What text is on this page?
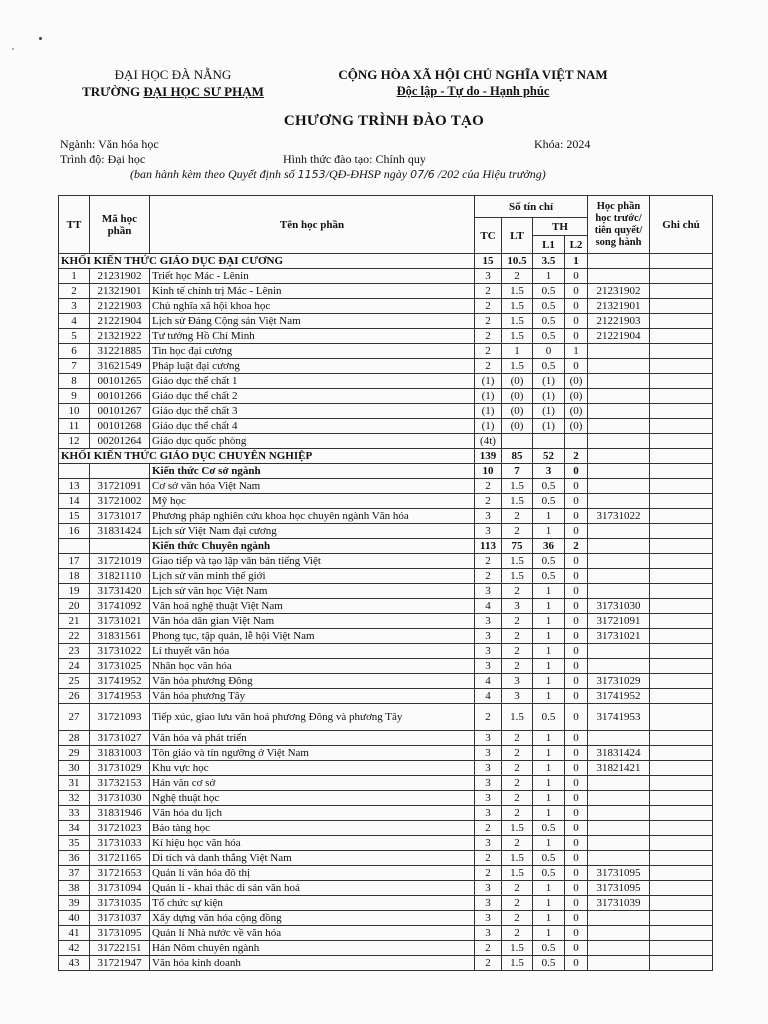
ĐẠI HỌC ĐÀ NẴNG
TRƯỜNG ĐẠI HỌC SƯ PHẠM
CỘNG HÒA XÃ HỘI CHỦ NGHĨA VIỆT NAM
Độc lập - Tự do - Hạnh phúc
CHƯƠNG TRÌNH ĐÀO TẠO
Ngành: Văn hóa học
Trình độ: Đại học	Hình thức đào tạo: Chính quy
Khóa: 2024
(ban hành kèm theo Quyết định số 1153/QĐ-ĐHSP ngày 07/6 /202 của Hiệu trưởng)
TT	Mã học phần	Tên học phần	Số tín chỉ				Học phần học trước/ tiên quyết/ song hành	Ghi chú
			TC	LT	TH			
					L1	L2		
KHỐI KIẾN THỨC GIÁO DỤC ĐẠI CƯƠNG			15	10.5	3.5	1		
1	21231902	Triết học Mác - Lênin	3	2	1	0		
2	21321901	Kinh tế chính trị Mác - Lênin	2	1.5	0.5	0	21231902	
3	21221903	Chủ nghĩa xã hội khoa học	2	1.5	0.5	0	21321901	
4	21221904	Lịch sử Đảng Cộng sản Việt Nam	2	1.5	0.5	0	21221903	
5	21321922	Tư tưởng Hồ Chí Minh	2	1.5	0.5	0	21221904	
6	31221885	Tin học đại cương	2	1	0	1		
7	31621549	Pháp luật đại cương	2	1.5	0.5	0		
8	00101265	Giáo dục thể chất 1	(1)	(0)	(1)	(0)		
9	00101266	Giáo dục thể chất 2	(1)	(0)	(1)	(0)		
10	00101267	Giáo dục thể chất 3	(1)	(0)	(1)	(0)		
11	00101268	Giáo dục thể chất 4	(1)	(0)	(1)	(0)		
12	00201264	Giáo dục quốc phòng	(4t)					
KHỐI KIẾN THỨC GIÁO DỤC CHUYÊN NGHIỆP			139	85	52	2		
		Kiến thức Cơ sở ngành	10	7	3	0		
13	31721091	Cơ sở văn hóa Việt Nam	2	1.5	0.5	0		
14	31721002	Mỹ học	2	1.5	0.5	0		
15	31731017	Phương pháp nghiên cứu khoa học chuyên ngành Văn hóa	3	2	1	0	31731022	
16	31831424	Lịch sử Việt Nam đại cương	3	2	1	0		
		Kiến thức Chuyên ngành	113	75	36	2		
17	31721019	Giao tiếp và tạo lập văn bản tiếng Việt	2	1.5	0.5	0		
18	31821110	Lịch sử văn minh thế giới	2	1.5	0.5	0		
19	31731420	Lịch sử văn học Việt Nam	3	2	1	0		
20	31741092	Văn hoá nghệ thuật Việt Nam	4	3	1	0	31731030	
21	31731021	Văn hóa dân gian Việt Nam	3	2	1	0	31721091	
22	31831561	Phong tục, tập quán, lễ hội Việt Nam	3	2	1	0	31731021	
23	31731022	Lí thuyết văn hóa	3	2	1	0		
24	31731025	Nhân học văn hóa	3	2	1	0		
25	31741952	Văn hóa phương Đông	4	3	1	0	31731029	
26	31741953	Văn hóa phương Tây	4	3	1	0	31741952	
27	31721093	Tiếp xúc, giao lưu văn hoá phương Đông và phương Tây	2	1.5	0.5	0	31741953	
28	31731027	Văn hóa và phát triển	3	2	1	0		
29	31831003	Tôn giáo và tín ngưỡng ở Việt Nam	3	2	1	0	31831424	
30	31731029	Khu vực học	3	2	1	0	31821421	
31	31732153	Hán văn cơ sở	3	2	1	0		
32	31731030	Nghệ thuật học	3	2	1	0		
33	31831946	Văn hóa du lịch	3	2	1	0		
34	31721023	Bảo tàng học	2	1.5	0.5	0		
35	31731033	Kí hiệu học văn hóa	3	2	1	0		
36	31721165	Di tích và danh thắng Việt Nam	2	1.5	0.5	0		
37	31721653	Quản lí văn hóa đô thị	2	1.5	0.5	0	31731095	
38	31731094	Quản lí - khai thác di sản văn hoá	3	2	1	0	31731095	
39	31731035	Tổ chức sự kiện	3	2	1	0	31731039	
40	31731037	Xây dựng văn hóa cộng đồng	3	2	1	0		
41	31731095	Quản lí Nhà nước về văn hóa	3	2	1	0		
42	31722151	Hán Nôm chuyên ngành	2	1.5	0.5	0		
43	31721947	Văn hóa kinh doanh	2	1.5	0.5	0		
